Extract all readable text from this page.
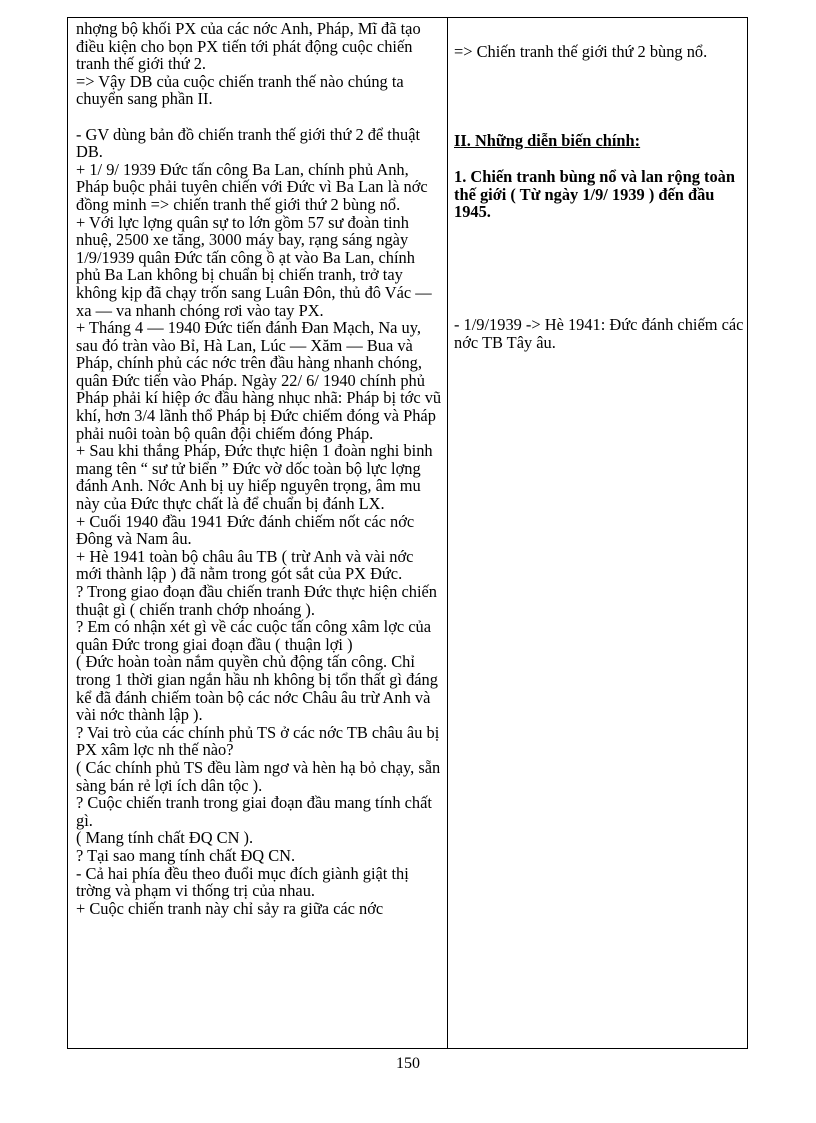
nhợng bộ khối PX của các nớc Anh, Pháp, Mĩ đã tạo điều kiện cho bọn PX tiến tới phát động cuộc chiến tranh thế giới thứ 2.

=> Vậy DB của cuộc chiến tranh thế nào chúng ta chuyển sang phần II.

- GV dùng bản đồ chiến tranh thế giới thứ 2 để thuật DB.

+ 1/ 9/ 1939 Đức tấn công Ba Lan, chính phủ Anh, Pháp buộc phải tuyên chiến với Đức vì Ba Lan là nớc đồng minh => chiến tranh thế giới thứ 2 bùng nổ.

+ Với lực lợng quân sự to lớn gồm 57 sư đoàn tinh nhuệ, 2500 xe tăng, 3000 máy bay, rạng sáng ngày 1/9/1939 quân Đức tấn công ồ ạt vào Ba Lan, chính phủ Ba Lan không bị chuẩn bị chiến tranh, trở tay không kịp đã chạy trốn sang Luân Đôn, thủ đô Vác — xa — va nhanh chóng rơi vào tay PX.

+ Tháng 4 — 1940 Đức tiến đánh Đan Mạch, Na uy, sau đó tràn vào Bỉ, Hà Lan, Lúc — Xăm — Bua và Pháp, chính phủ các nớc trên đầu hàng nhanh chóng, quân Đức tiến vào Pháp. Ngày 22/ 6/ 1940 chính phủ Pháp phải kí hiệp ớc đầu hàng nhục nhã: Pháp bị tớc vũ khí, hơn 3/4 lãnh thổ Pháp bị Đức chiếm đóng và Pháp phải nuôi toàn bộ quân đội chiếm đóng Pháp.

+ Sau khi thắng Pháp, Đức thực hiện 1 đoàn nghi binh mang tên “ sư tử biển ” Đức vờ dốc toàn bộ lực lợng đánh Anh. Nớc Anh bị uy hiếp nguyên trọng, âm mu này của Đức thực chất là để chuẩn bị đánh LX.

+ Cuối 1940 đầu 1941 Đức đánh chiếm nốt các nớc Đông và Nam âu.

+ Hè 1941 toàn bộ châu âu TB ( trừ Anh và vài nớc mới thành lập ) đã nằm trong gót sắt của PX Đức.

? Trong giao đoạn đầu chiến tranh Đức thực hiện chiến thuật gì ( chiến tranh chớp nhoáng ).

? Em có nhận xét gì về các cuộc tấn công xâm lợc của quân Đức trong giai đoạn đầu ( thuận lợi )

( Đức hoàn toàn nắm quyền chủ động tấn công. Chỉ trong 1 thời gian ngắn hầu nh không bị tổn thất gì đáng kể đã đánh chiếm toàn bộ các nớc Châu âu trừ Anh và vài nớc thành lập ).

? Vai trò của các chính phủ TS ở các nớc TB châu âu bị PX xâm lợc nh thế nào?

( Các chính phủ TS đều làm ngơ và hèn hạ bỏ chạy, sẵn sàng bán rẻ lợi ích dân tộc ).

? Cuộc chiến tranh trong giai đoạn đầu mang tính chất gì.

( Mang tính chất ĐQ CN ).

? Tại sao mang tính chất ĐQ CN.

- Cả hai phía đều theo đuổi mục đích giành giật thị trờng và phạm vi thống trị của nhau.

+ Cuộc chiến tranh này chỉ sảy ra giữa các nớc

=> Chiến tranh thế giới thứ 2 bùng nổ.

II. Những diễn biến chính:

1. Chiến tranh bùng nổ và lan rộng toàn thế giới ( Từ ngày 1/9/ 1939 ) đến đầu 1945.

- 1/9/1939 -> Hè 1941: Đức đánh chiếm các nớc TB Tây âu.

150
